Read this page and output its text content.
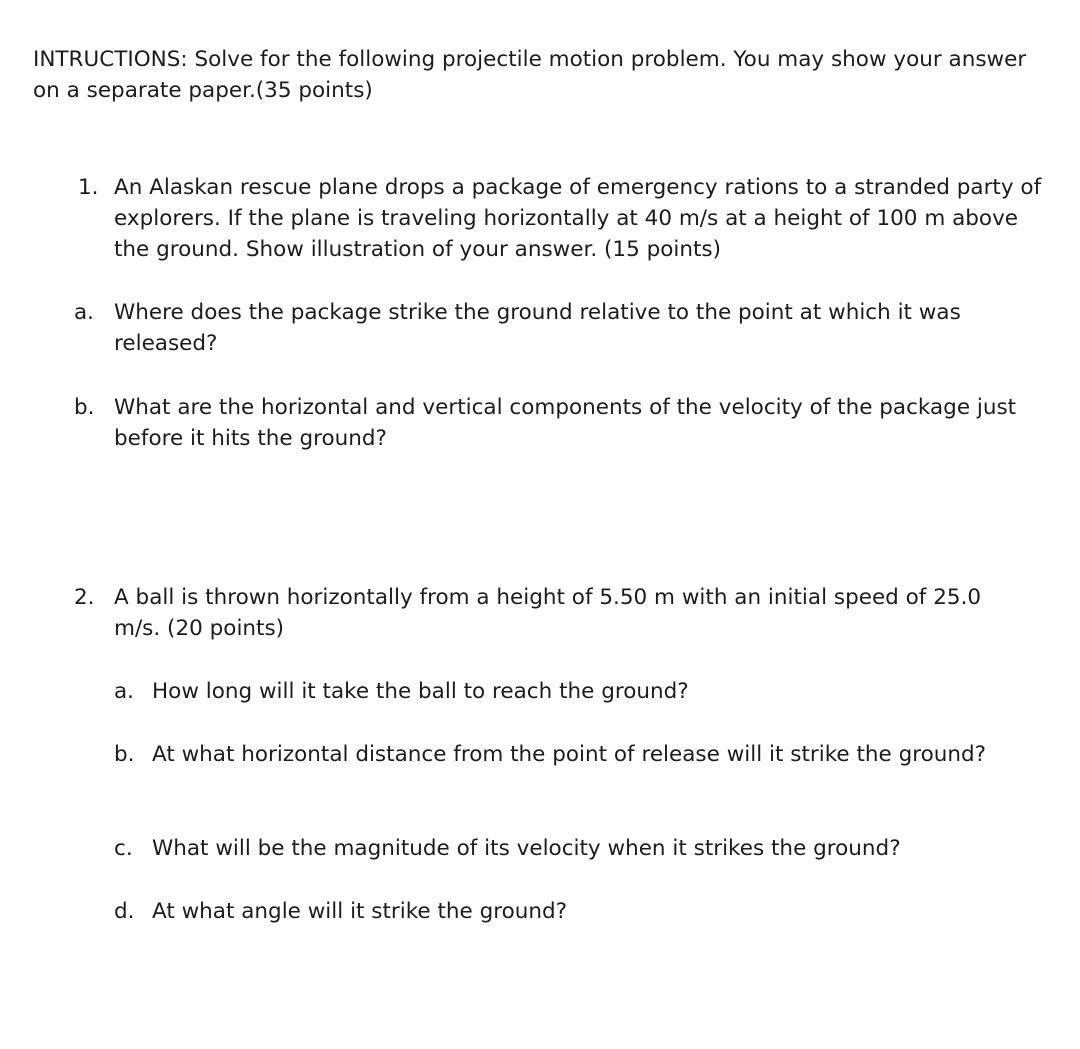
INTRUCTIONS: Solve for the following projectile motion problem. You may show your answer on a separate paper.(35 points)

1. An Alaskan rescue plane drops a package of emergency rations to a stranded party of explorers. If the plane is traveling horizontally at 40 m/s at a height of 100 m above the ground. Show illustration of your answer. (15 points)
a. Where does the package strike the ground relative to the point at which it was released?
b. What are the horizontal and vertical components of the velocity of the package just before it hits the ground?
2. A ball is thrown horizontally from a height of 5.50 m with an initial speed of 25.0 m/s. (20 points)
a. How long will it take the ball to reach the ground?
b. At what horizontal distance from the point of release will it strike the ground?
c. What will be the magnitude of its velocity when it strikes the ground?
d. At what angle will it strike the ground?
